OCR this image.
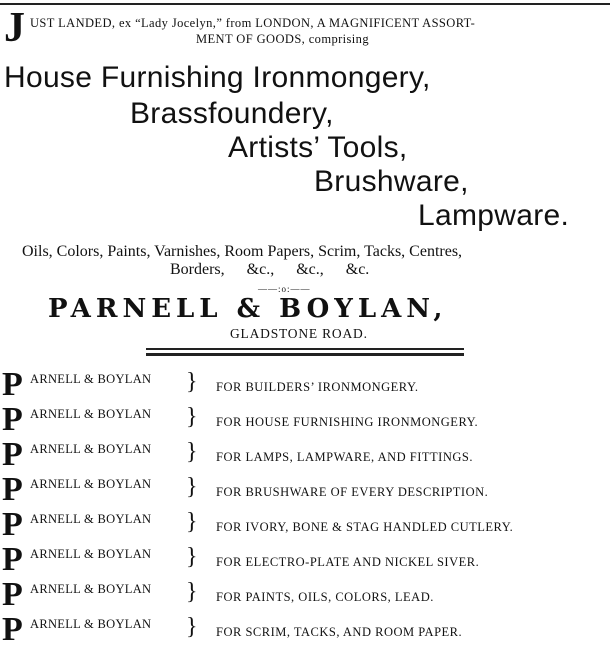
J UST LANDED, ex “Lady Jocelyn,” from LONDON, A MAGNIFICENT ASSORT-
MENT OF GOODS, comprising
House Furnishing Ironmongery,
Brassfoundery,
Artists’ Tools,
Brushware,
Lampware.
Oils, Colors, Paints, Varnishes, Room Papers, Scrim, Tacks, Centres,
Borders, &c., &c., &c.
——:o:——
PARNELL & BOYLAN,
GLADSTONE ROAD.
P ARNELL & BOYLAN } FOR BUILDERS’ IRONMONGERY.
P ARNELL & BOYLAN } FOR HOUSE FURNISHING IRONMONGERY.
P ARNELL & BOYLAN } FOR LAMPS, LAMPWARE, AND FITTINGS.
P ARNELL & BOYLAN } FOR BRUSHWARE OF EVERY DESCRIPTION.
P ARNELL & BOYLAN } FOR IVORY, BONE & STAG HANDLED CUTLERY.
P ARNELL & BOYLAN } FOR ELECTRO-PLATE AND NICKEL SIVER.
P ARNELL & BOYLAN } FOR PAINTS, OILS, COLORS, LEAD.
P ARNELL & BOYLAN } FOR SCRIM, TACKS, AND ROOM PAPER.
